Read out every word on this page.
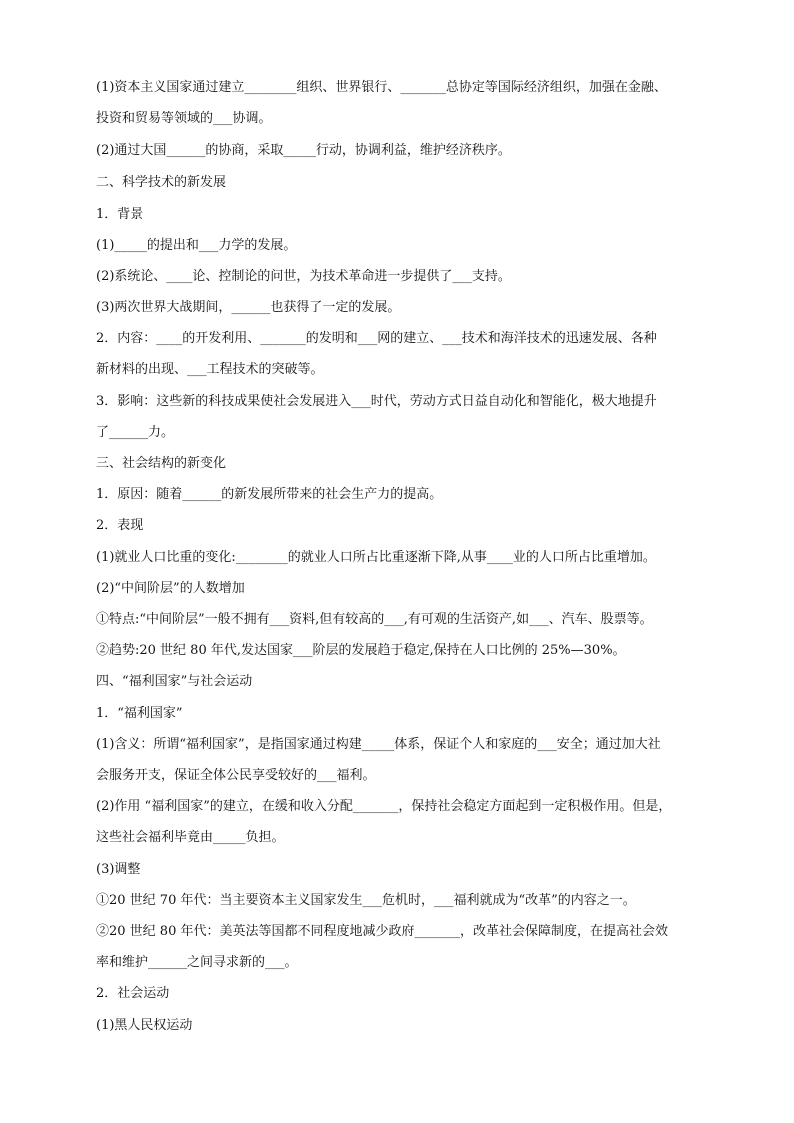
(1)资本主义国家通过建立________组织、世界银行、_______总协定等国际经济组织，加强在金融、
投资和贸易等领域的___协调。
(2)通过大国______的协商，采取_____行动，协调利益，维护经济秩序。
二、科学技术的新发展
1．背景
(1)_____的提出和___力学的发展。
(2)系统论、____论、控制论的问世，为技术革命进一步提供了___支持。
(3)两次世界大战期间，______也获得了一定的发展。
2．内容：____的开发利用、_______的发明和___网的建立、___技术和海洋技术的迅速发展、各种
新材料的出现、___工程技术的突破等。
3．影响：这些新的科技成果使社会发展进入___时代，劳动方式日益自动化和智能化，极大地提升
了______力。
三、社会结构的新变化
1．原因：随着______的新发展所带来的社会生产力的提高。
2．表现
(1)就业人口比重的变化:________的就业人口所占比重逐渐下降,从事____业的人口所占比重增加。
(2)“中间阶层”的人数增加
①特点:“中间阶层”一般不拥有___资料,但有较高的___,有可观的生活资产,如___、汽车、股票等。
②趋势:20 世纪 80 年代,发达国家___阶层的发展趋于稳定,保持在人口比例的 25%—30%。
四、“福利国家”与社会运动
1．“福利国家”
(1)含义：所谓“福利国家”，是指国家通过构建_____体系，保证个人和家庭的___安全；通过加大社
会服务开支，保证全体公民享受较好的___福利。
(2)作用 “福利国家”的建立，在缓和收入分配_______，保持社会稳定方面起到一定积极作用。但是，
这些社会福利毕竟由_____负担。
(3)调整
①20 世纪 70 年代：当主要资本主义国家发生___危机时，___福利就成为“改革”的内容之一。
②20 世纪 80 年代：美英法等国都不同程度地减少政府_______，改革社会保障制度，在提高社会效
率和维护______之间寻求新的___。
2．社会运动
(1)黑人民权运动
